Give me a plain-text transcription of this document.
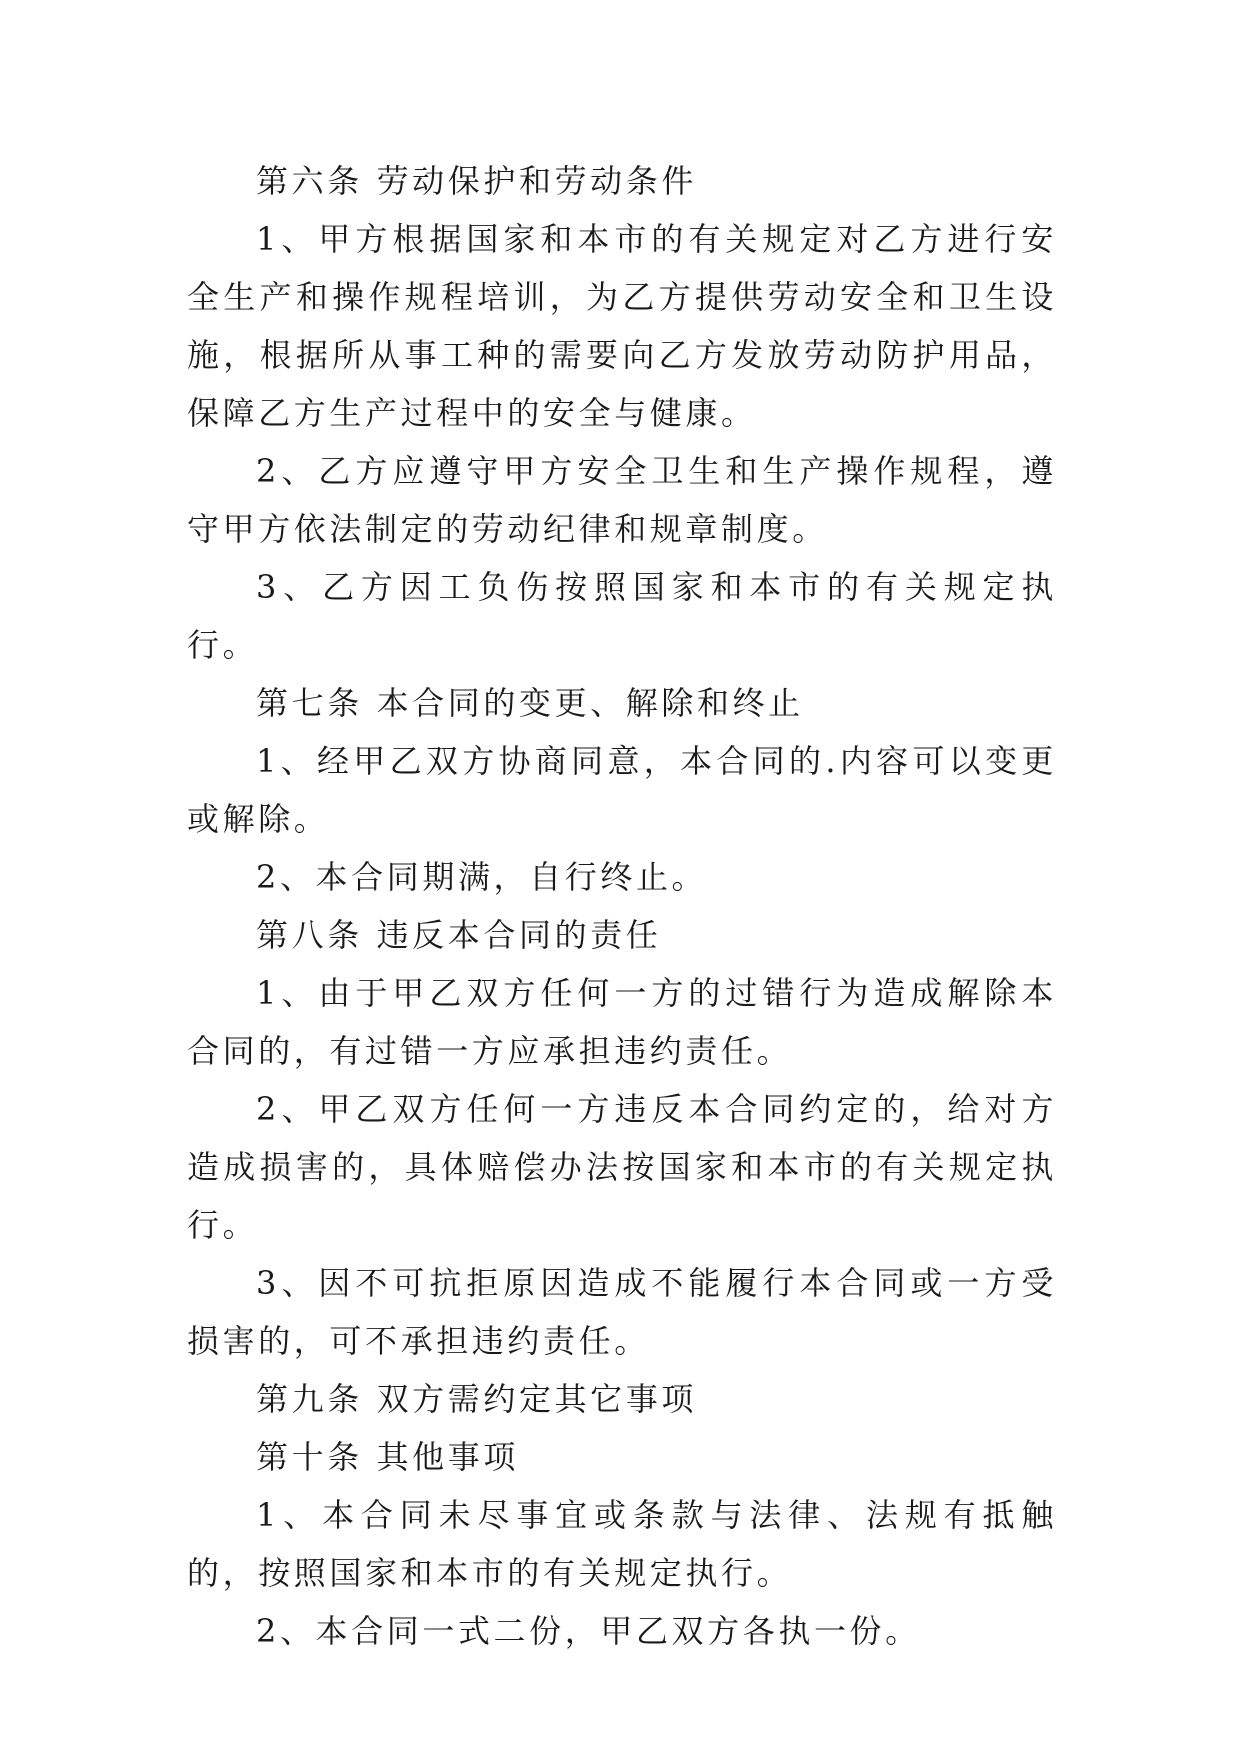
第六条 劳动保护和劳动条件

1、甲方根据国家和本市的有关规定对乙方进行安全生产和操作规程培训，为乙方提供劳动安全和卫生设施，根据所从事工种的需要向乙方发放劳动防护用品，保障乙方生产过程中的安全与健康。

2、乙方应遵守甲方安全卫生和生产操作规程，遵守甲方依法制定的劳动纪律和规章制度。

3、乙方因工负伤按照国家和本市的有关规定执行。

第七条 本合同的变更、解除和终止

1、经甲乙双方协商同意，本合同的.内容可以变更或解除。

2、本合同期满，自行终止。

第八条 违反本合同的责任

1、由于甲乙双方任何一方的过错行为造成解除本合同的，有过错一方应承担违约责任。

2、甲乙双方任何一方违反本合同约定的，给对方造成损害的，具体赔偿办法按国家和本市的有关规定执行。

3、因不可抗拒原因造成不能履行本合同或一方受损害的，可不承担违约责任。

第九条 双方需约定其它事项

第十条 其他事项

1、本合同未尽事宜或条款与法律、法规有抵触的，按照国家和本市的有关规定执行。

2、本合同一式二份，甲乙双方各执一份。
